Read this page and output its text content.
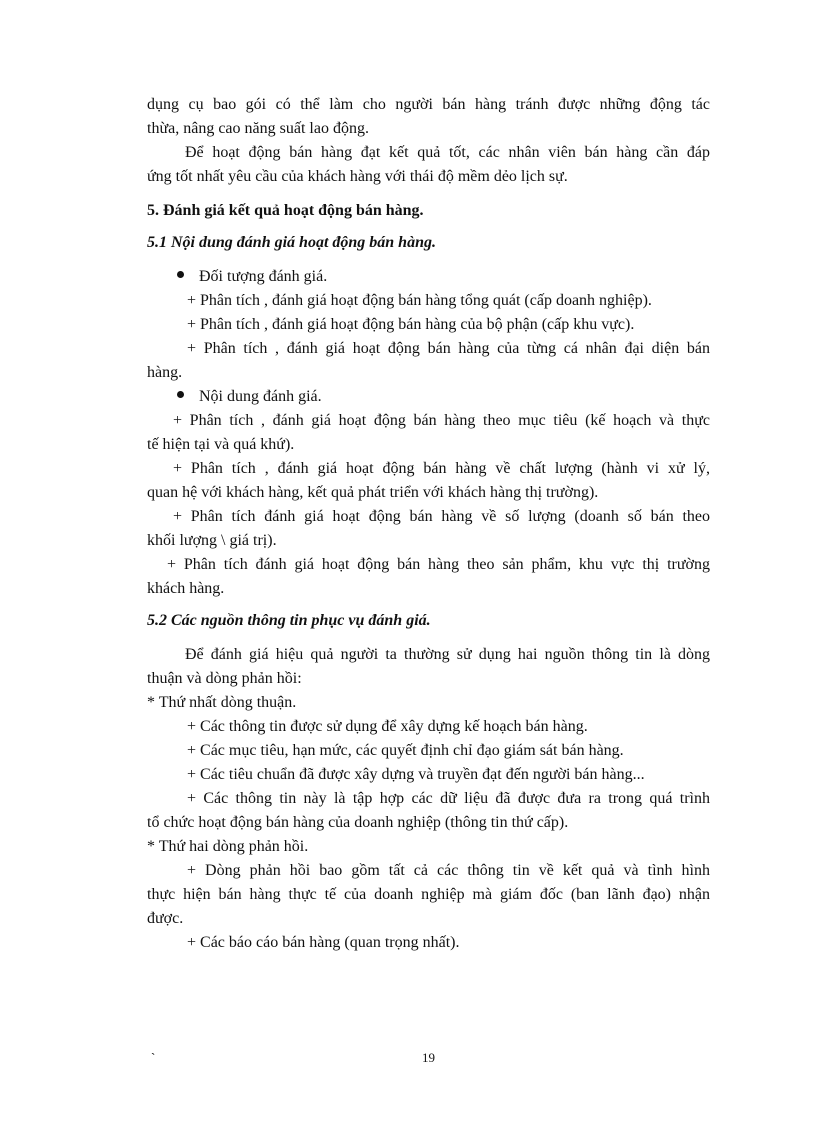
dụng cụ bao gói có thể làm cho người bán hàng tránh được những động tác

thừa, nâng cao năng suất lao động.

Để hoạt động bán hàng đạt kết quả tốt, các nhân viên bán hàng cần đáp

ứng tốt nhất yêu cầu của khách hàng với thái độ mềm dẻo lịch sự.

5. Đánh giá kết quả hoạt động bán hàng.

5.1 Nội dung đánh giá hoạt động bán hàng.

Đối tượng đánh giá.

+ Phân tích , đánh giá hoạt động bán hàng tổng quát (cấp doanh nghiệp).

+ Phân tích , đánh giá hoạt động bán hàng của bộ phận (cấp khu vực).

+ Phân tích , đánh giá hoạt động bán hàng của từng cá nhân đại diện bán

hàng.

Nội dung đánh giá.

+ Phân tích , đánh giá hoạt động bán hàng theo mục tiêu (kế hoạch và thực

tế hiện tại và quá khứ).

+ Phân tích , đánh giá hoạt động bán hàng về chất lượng (hành vi xử lý,

quan hệ với khách hàng, kết quả phát triển với khách hàng thị trường).

+ Phân tích đánh giá hoạt động bán hàng về số lượng (doanh số bán theo

khối lượng \ giá trị).

+ Phân tích đánh giá hoạt động bán hàng theo sản phẩm, khu vực thị trường

khách hàng.

5.2 Các nguồn thông tin phục vụ đánh giá.

Để đánh giá hiệu quả người ta thường sử dụng hai nguồn thông tin là dòng

thuận và dòng phản hồi:

* Thứ nhất dòng thuận.

+ Các thông tin được sử dụng để xây dựng kế hoạch bán hàng.

+ Các mục tiêu, hạn mức, các quyết định chỉ đạo giám sát bán hàng.

+ Các tiêu chuẩn đã được xây dựng và truyền đạt đến người bán hàng...

+ Các thông tin này là tập hợp các dữ liệu đã được đưa ra trong quá trình

tổ chức hoạt động bán hàng của doanh nghiệp (thông tin thứ cấp).

* Thứ hai dòng phản hồi.

+ Dòng phản hồi bao gồm tất cả các thông tin về kết quả và tình hình

thực hiện bán hàng thực tế của doanh nghiệp mà giám đốc (ban lãnh đạo) nhận

được.

+ Các báo cáo bán hàng (quan trọng nhất).

`	19
